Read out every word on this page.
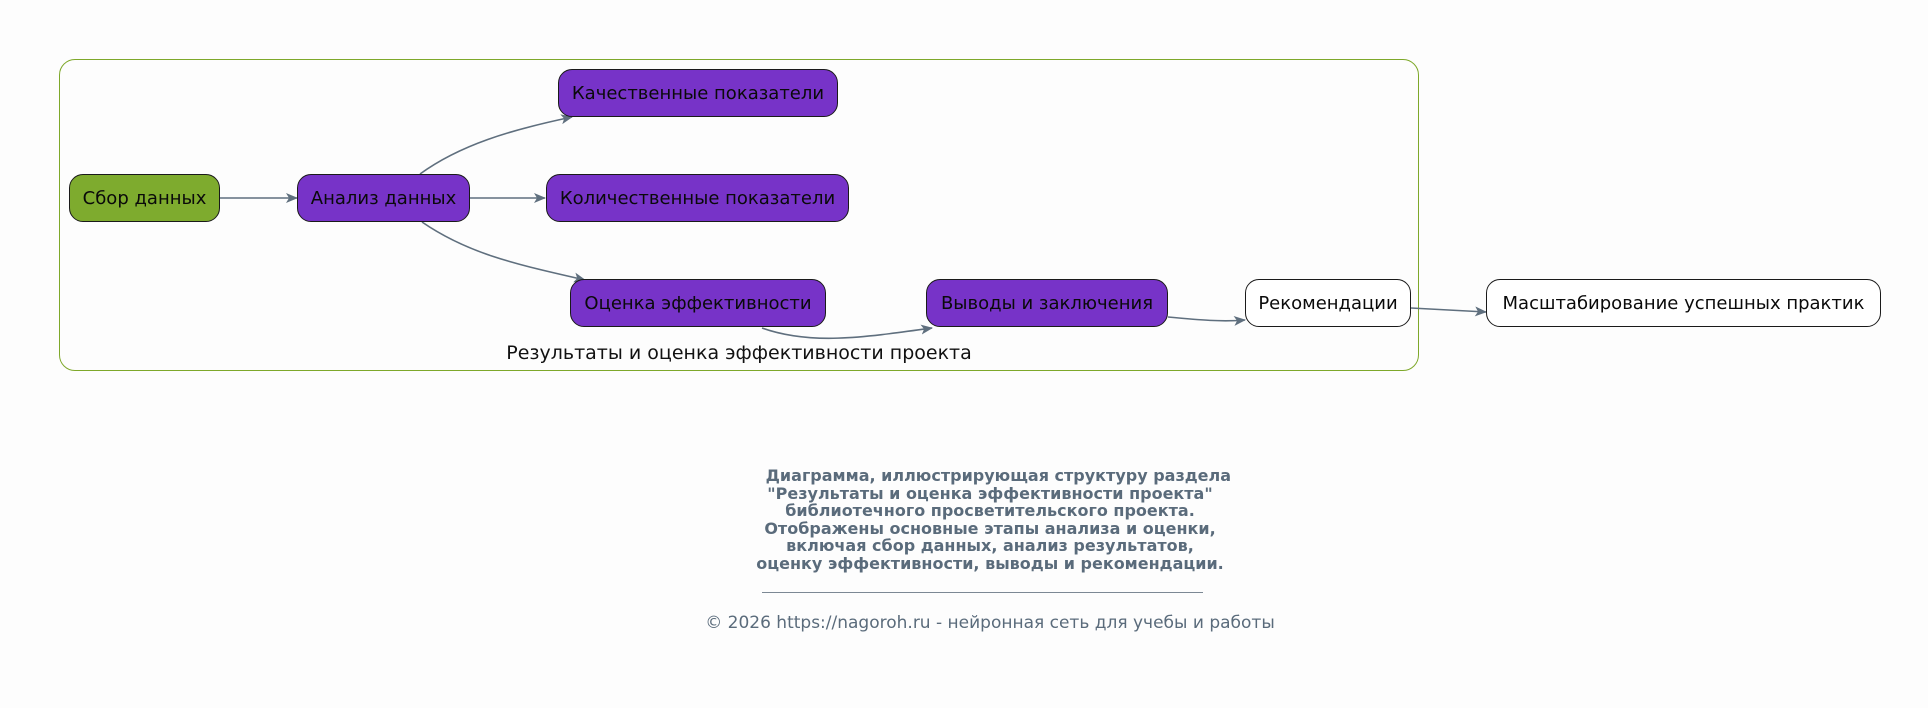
Сбор данных	Анализ данных
Качественные показатели
Количественные показатели
Оценка эффективности	Выводы и заключения	Рекомендации	Масштабирование успешных практик
Результаты и оценка эффективности проекта
Диаграмма, иллюстрирующая структуру раздела
"Результаты и оценка эффективности проекта"
библиотечного просветительского проекта.
Отображены основные этапы анализа и оценки,
включая сбор данных, анализ результатов,
оценку эффективности, выводы и рекомендации.
© 2026 https://nagoroh.ru - нейронная сеть для учебы и работы
